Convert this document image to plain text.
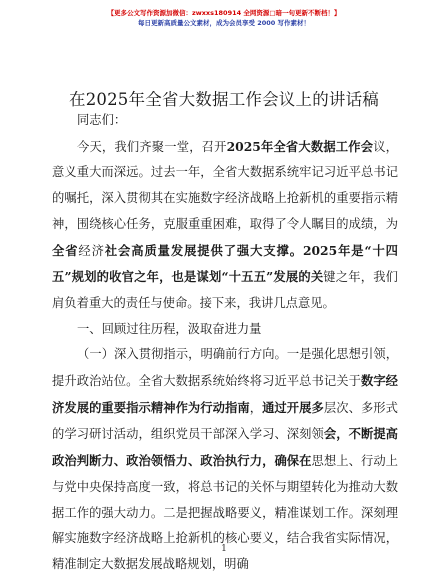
【更多公文写作资源加微信：zwxxs180914 全网资源□暗一句更新不断档！】
每日更新高质量公文素材，成为会员享受 2000 写作素材！
在2025年全省大数据工作会议上的讲话稿

同志们：

今天，我们齐聚一堂，召开2025年全省大数据工作会议，意义重大而深远。过去一年，全省大数据系统牢记习近平总书记的嘱托，深入贯彻其在实施数字经济战略上抢新机的重要指示精神，围绕核心任务，克服重重困难，取得了令人瞩目的成绩，为全省经济社会高质量发展提供了强大支撑。2025年是“十四五”规划的收官之年，也是谋划“十五五”发展的关键之年，我们肩负着重大的责任与使命。接下来，我讲几点意见。

一、回顾过往历程，汲取奋进力量

（一）深入贯彻指示，明确前行方向。一是强化思想引领，提升政治站位。全省大数据系统始终将习近平总书记关于数字经济发展的重要指示精神作为行动指南，通过开展多层次、多形式的学习研讨活动，组织党员干部深入学习、深刻领会，不断提高政治判断力、政治领悟力、政治执行力，确保在思想上、行动上与党中央保持高度一致，将总书记的关怀与期望转化为推动大数据工作的强大动力。二是把握战略要义，精准谋划工作。深刻理解实施数字经济战略上抢新机的核心要义，结合我省实际情况，精准制定大数据发展战略规划，明确

1
